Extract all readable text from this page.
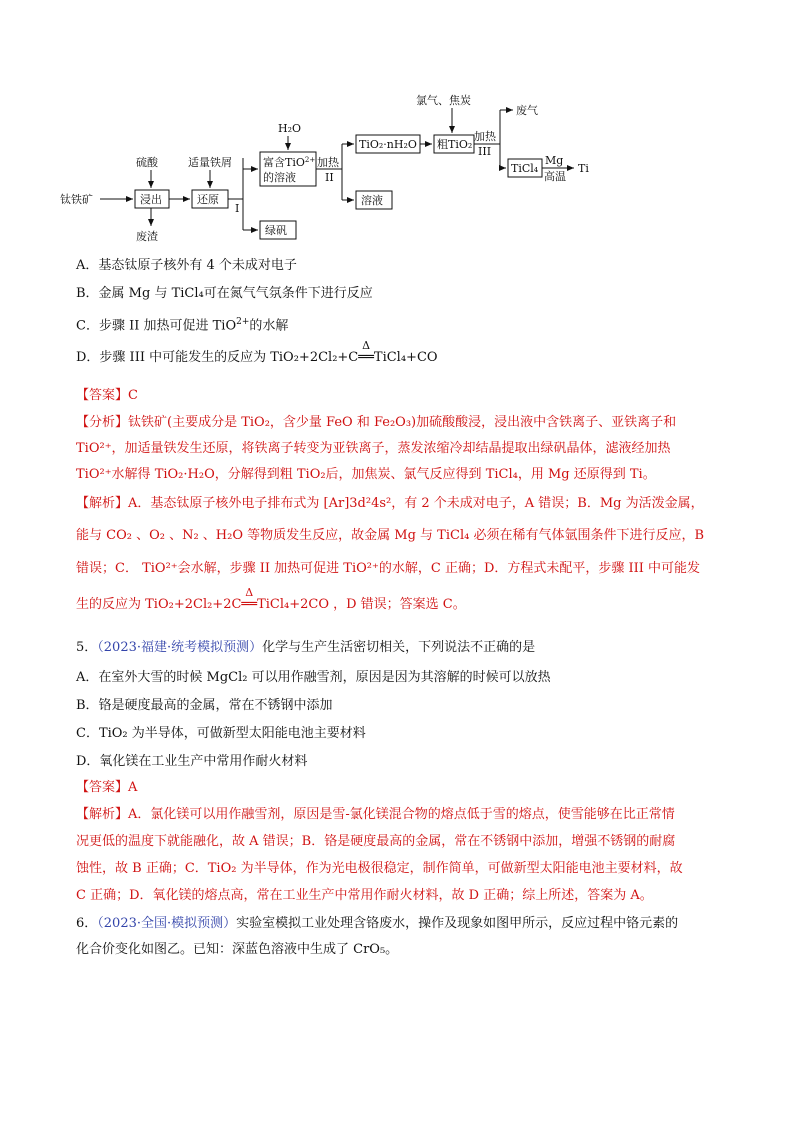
钛铁矿
硫酸
浸出
废渣
适量铁屑
还原
I
富含TiO$^{2+}$
的溶液
绿矾
H₂O
加热
II
TiO₂·nH₂O
溶液
氯气、焦炭
粗TiO₂
加热
III
废气
TiCl₄
Mg
高温
Ti
A．基态钛原子核外有 4 个未成对电子
B．金属 Mg 与 TiCl₄可在氮气气氛条件下进行反应
C．步骤 II 加热可促进 TiO$^{2+}$的水解
D．步骤 III 中可能发生的反应为 TiO₂+2Cl₂+C
Δ
══TiCl₄+CO
【答案】C
【分析】钛铁矿(主要成分是 TiO₂，含少量 FeO 和 Fe₂O₃)加硫酸酸浸，浸出液中含铁离子、亚铁离子和
TiO²⁺，加适量铁发生还原，将铁离子转变为亚铁离子，蒸发浓缩冷却结晶提取出绿矾晶体，滤液经加热
TiO²⁺水解得 TiO₂·H₂O，分解得到粗 TiO₂后，加焦炭、氯气反应得到 TiCl₄，用 Mg 还原得到 Ti。
【解析】A．基态钛原子核外电子排布式为 [Ar]3d²4s²，有 2 个未成对电子，A 错误；B．Mg 为活泼金属，
能与 CO₂ 、O₂ 、N₂ 、H₂O 等物质发生反应，故金属 Mg 与 TiCl₄ 必须在稀有气体氩围条件下进行反应，B
错误；C． TiO²⁺会水解，步骤 II 加热可促进 TiO²⁺的水解，C 正确；D．方程式未配平，步骤 III 中可能发
生的反应为 TiO₂+2Cl₂+2C
Δ
══TiCl₄+2CO ，D 错误；答案选 C。
5．（2023·福建·统考模拟预测）化学与生产生活密切相关，下列说法不正确的是
A．在室外大雪的时候 MgCl₂ 可以用作融雪剂，原因是因为其溶解的时候可以放热
B．铬是硬度最高的金属，常在不锈钢中添加
C．TiO₂ 为半导体，可做新型太阳能电池主要材料
D．氧化镁在工业生产中常用作耐火材料
【答案】A
【解析】A．氯化镁可以用作融雪剂，原因是雪-氯化镁混合物的熔点低于雪的熔点，使雪能够在比正常情
况更低的温度下就能融化，故 A 错误；B．铬是硬度最高的金属，常在不锈钢中添加，增强不锈钢的耐腐
蚀性，故 B 正确；C．TiO₂ 为半导体，作为光电极很稳定，制作简单，可做新型太阳能电池主要材料，故
C 正确；D．氧化镁的熔点高，常在工业生产中常用作耐火材料，故 D 正确；综上所述，答案为 A。
6．（2023·全国·模拟预测）实验室模拟工业处理含铬废水，操作及现象如图甲所示，反应过程中铬元素的
化合价变化如图乙。已知：深蓝色溶液中生成了 CrO₅。
